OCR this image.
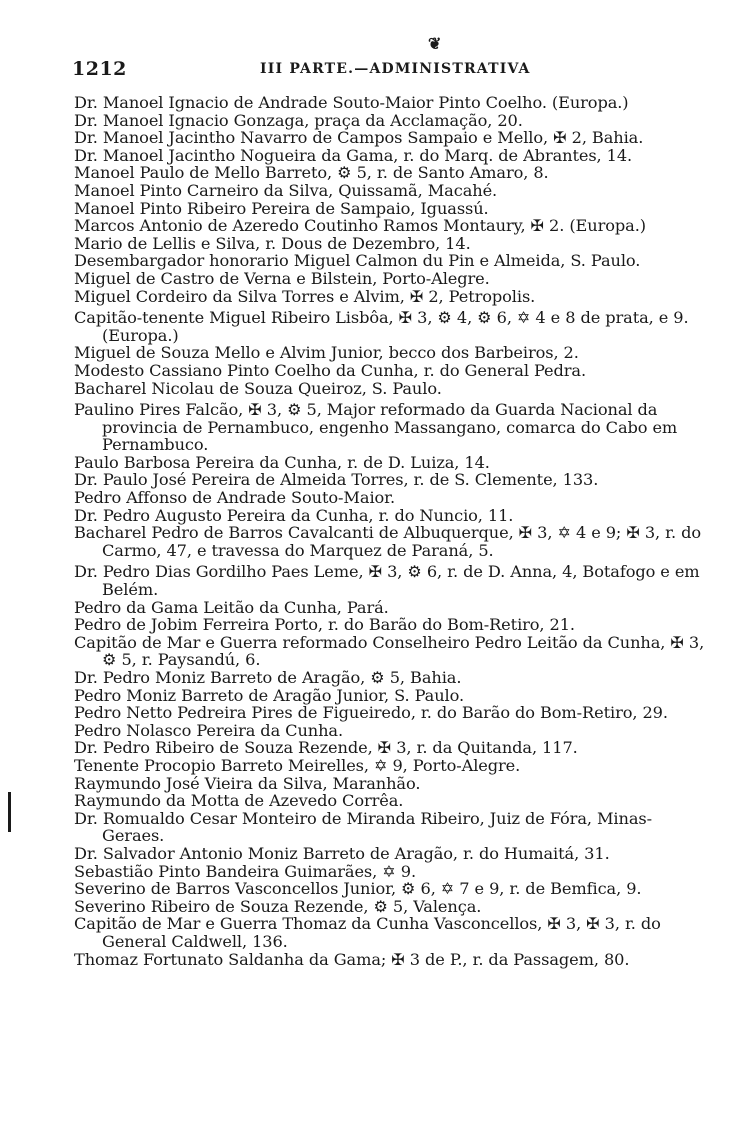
❦
1212	III PARTE.—ADMINISTRATIVA

Dr. Manoel Ignacio de Andrade Souto-Maior Pinto Coelho. (Europa.)

Dr. Manoel Ignacio Gonzaga, praça da Acclamação, 20.

Dr. Manoel Jacintho Navarro de Campos Sampaio e Mello, ✠ 2, Bahia.

Dr. Manoel Jacintho Nogueira da Gama, r. do Marq. de Abrantes, 14.

Manoel Paulo de Mello Barreto, ⚙ 5, r. de Santo Amaro, 8.

Manoel Pinto Carneiro da Silva, Quissamã, Macahé.

Manoel Pinto Ribeiro Pereira de Sampaio, Iguassú.

Marcos Antonio de Azeredo Coutinho Ramos Montaury, ✠ 2. (Europa.)

Mario de Lellis e Silva, r. Dous de Dezembro, 14.

Desembargador honorario Miguel Calmon du Pin e Almeida, S. Paulo.

Miguel de Castro de Verna e Bilstein, Porto-Alegre.

Miguel Cordeiro da Silva Torres e Alvim, ✠ 2, Petropolis.

Capitão-tenente Miguel Ribeiro Lisbôa, ✠ 3, ⚙ 4, ⚙ 6, ✡ 4 e 8 de prata, e 9. (Europa.)

Miguel de Souza Mello e Alvim Junior, becco dos Barbeiros, 2.

Modesto Cassiano Pinto Coelho da Cunha, r. do General Pedra.

Bacharel Nicolau de Souza Queiroz, S. Paulo.

Paulino Pires Falcão, ✠ 3, ⚙ 5, Major reformado da Guarda Nacional da provincia de Pernambuco, engenho Massangano, comarca do Cabo em Pernambuco.

Paulo Barbosa Pereira da Cunha, r. de D. Luiza, 14.

Dr. Paulo José Pereira de Almeida Torres, r. de S. Clemente, 133.

Pedro Affonso de Andrade Souto-Maior.

Dr. Pedro Augusto Pereira da Cunha, r. do Nuncio, 11.

Bacharel Pedro de Barros Cavalcanti de Albuquerque, ✠ 3, ✡ 4 e 9; ✠ 3, r. do Carmo, 47, e travessa do Marquez de Paraná, 5.

Dr. Pedro Dias Gordilho Paes Leme, ✠ 3, ⚙ 6, r. de D. Anna, 4, Botafogo e em Belém.

Pedro da Gama Leitão da Cunha, Pará.

Pedro de Jobim Ferreira Porto, r. do Barão do Bom-Retiro, 21.

Capitão de Mar e Guerra reformado Conselheiro Pedro Leitão da Cunha, ✠ 3, ⚙ 5, r. Paysandú, 6.

Dr. Pedro Moniz Barreto de Aragão, ⚙ 5, Bahia.

Pedro Moniz Barreto de Aragão Junior, S. Paulo.

Pedro Netto Pedreira Pires de Figueiredo, r. do Barão do Bom-Retiro, 29.

Pedro Nolasco Pereira da Cunha.

Dr. Pedro Ribeiro de Souza Rezende, ✠ 3, r. da Quitanda, 117.

Tenente Procopio Barreto Meirelles, ✡ 9, Porto-Alegre.

Raymundo José Vieira da Silva, Maranhão.

Raymundo da Motta de Azevedo Corrêa.

Dr. Romualdo Cesar Monteiro de Miranda Ribeiro, Juiz de Fóra, Minas-Geraes.

Dr. Salvador Antonio Moniz Barreto de Aragão, r. do Humaitá, 31.

Sebastião Pinto Bandeira Guimarães, ✡ 9.

Severino de Barros Vasconcellos Junior, ⚙ 6, ✡ 7 e 9, r. de Bemfica, 9.

Severino Ribeiro de Souza Rezende, ⚙ 5, Valença.

Capitão de Mar e Guerra Thomaz da Cunha Vasconcellos, ✠ 3, ✠ 3, r. do General Caldwell, 136.

Thomaz Fortunato Saldanha da Gama; ✠ 3 de P., r. da Passagem, 80.
